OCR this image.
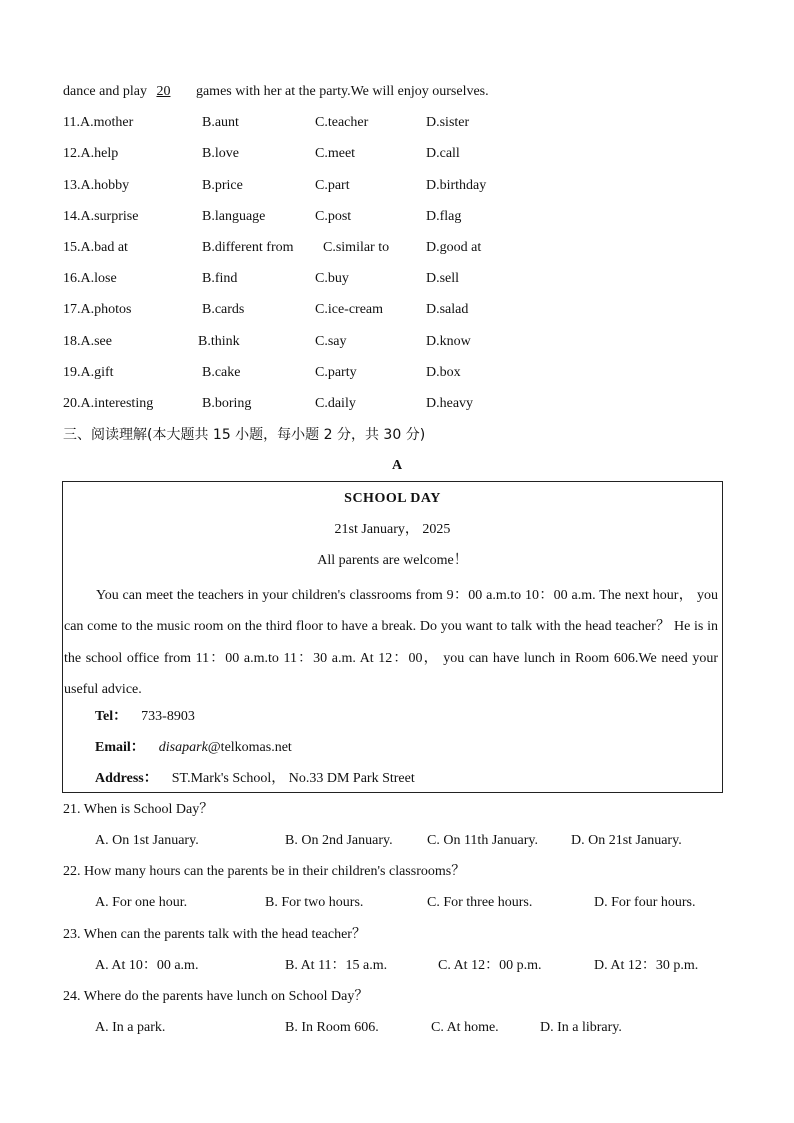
dance and play 20 games with her at the party.We will enjoy ourselves.
11.A.mother	B.aunt	C.teacher	D.sister
12.A.help	B.love	C.meet	D.call
13.A.hobby	B.price	C.part	D.birthday
14.A.surprise	B.language	C.post	D.flag
15.A.bad at	B.different from C.similar to	D.good at
16.A.lose	B.find	C.buy	D.sell
17.A.photos	B.cards	C.ice-cream	D.salad
18.A.see	B.think	C.say	D.know
19.A.gift	B.cake	C.party	D.box
20.A.interesting	B.boring	C.daily	D.heavy
三、阅读理解(本大题共 15 小题，每小题 2 分，共 30 分)
A
SCHOOL DAY
21st January， 2025
All parents are welcome！
You can meet the teachers in your children's classrooms from 9：00 a.m.to 10：00 a.m. The next hour， you can come to the music room on the third floor to have a break. Do you want to talk with the head teacher？ He is in the school office from 11：00 a.m.to 11：30 a.m. At 12：00， you can have lunch in Room 606.We need your useful advice.
Tel： 733-8903
Email： disapark@telkomas.net
Address： ST.Mark's School， No.33 DM Park Street
21. When is School Day？
A. On 1st January.	B. On 2nd January. C. On 11th January. D. On 21st January.
22. How many hours can the parents be in their children's classrooms？
A. For one hour.	B. For two hours.	C. For three hours.	D. For four hours.
23. When can the parents talk with the head teacher？
A. At 10：00 a.m.	B. At 11：15 a.m.	C. At 12：00 p.m.	D. At 12：30 p.m.
24. Where do the parents have lunch on School Day？
A. In a park.	B. In Room 606.	C. At home.	D. In a library.
